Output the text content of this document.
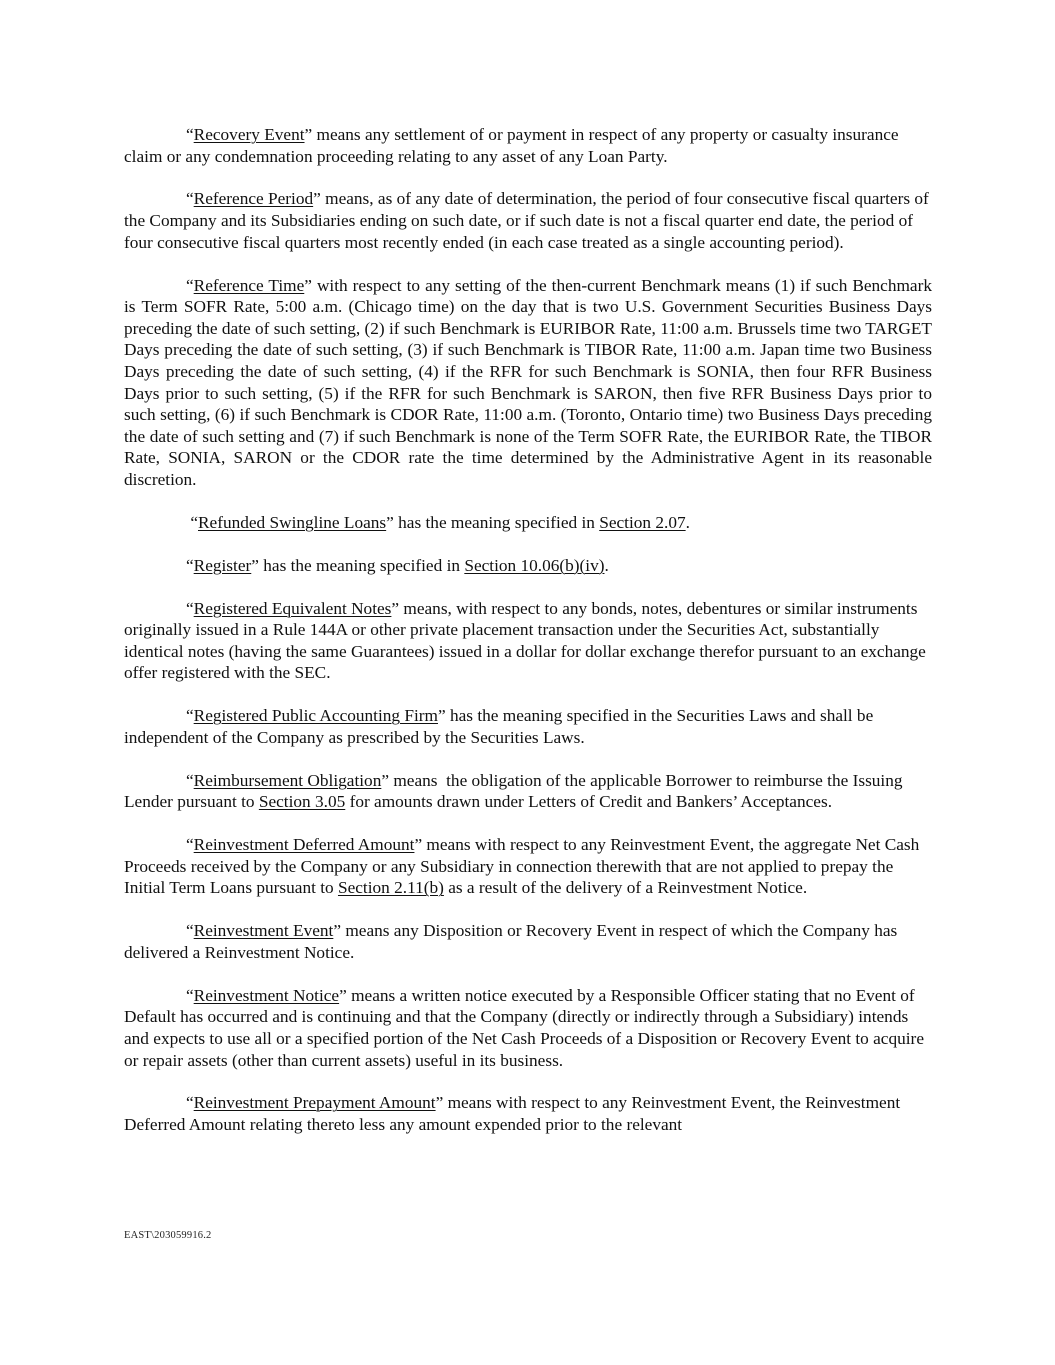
“Recovery Event” means any settlement of or payment in respect of any property or casualty insurance claim or any condemnation proceeding relating to any asset of any Loan Party.

“Reference Period” means, as of any date of determination, the period of four consecutive fiscal quarters of the Company and its Subsidiaries ending on such date, or if such date is not a fiscal quarter end date, the period of four consecutive fiscal quarters most recently ended (in each case treated as a single accounting period).

“Reference Time” with respect to any setting of the then-current Benchmark means (1) if such Benchmark is Term SOFR Rate, 5:00 a.m. (Chicago time) on the day that is two U.S. Government Securities Business Days preceding the date of such setting, (2) if such Benchmark is EURIBOR Rate, 11:00 a.m. Brussels time two TARGET Days preceding the date of such setting, (3) if such Benchmark is TIBOR Rate, 11:00 a.m. Japan time two Business Days preceding the date of such setting, (4) if the RFR for such Benchmark is SONIA, then four RFR Business Days prior to such setting, (5) if the RFR for such Benchmark is SARON, then five RFR Business Days prior to such setting, (6) if such Benchmark is CDOR Rate, 11:00 a.m. (Toronto, Ontario time) two Business Days preceding the date of such setting and (7) if such Benchmark is none of the Term SOFR Rate, the EURIBOR Rate, the TIBOR Rate, SONIA, SARON or the CDOR rate the time determined by the Administrative Agent in its reasonable discretion.

“Refunded Swingline Loans” has the meaning specified in Section 2.07.

“Register” has the meaning specified in Section 10.06(b)(iv).

“Registered Equivalent Notes” means, with respect to any bonds, notes, debentures or similar instruments originally issued in a Rule 144A or other private placement transaction under the Securities Act, substantially identical notes (having the same Guarantees) issued in a dollar for dollar exchange therefor pursuant to an exchange offer registered with the SEC.

“Registered Public Accounting Firm” has the meaning specified in the Securities Laws and shall be independent of the Company as prescribed by the Securities Laws.

“Reimbursement Obligation” means  the obligation of the applicable Borrower to reimburse the Issuing Lender pursuant to Section 3.05 for amounts drawn under Letters of Credit and Bankers’ Acceptances.

“Reinvestment Deferred Amount” means with respect to any Reinvestment Event, the aggregate Net Cash Proceeds received by the Company or any Subsidiary in connection therewith that are not applied to prepay the Initial Term Loans pursuant to Section 2.11(b) as a result of the delivery of a Reinvestment Notice.

“Reinvestment Event” means any Disposition or Recovery Event in respect of which the Company has delivered a Reinvestment Notice.

“Reinvestment Notice” means a written notice executed by a Responsible Officer stating that no Event of Default has occurred and is continuing and that the Company (directly or indirectly through a Subsidiary) intends and expects to use all or a specified portion of the Net Cash Proceeds of a Disposition or Recovery Event to acquire or repair assets (other than current assets) useful in its business.

“Reinvestment Prepayment Amount” means with respect to any Reinvestment Event, the Reinvestment Deferred Amount relating thereto less any amount expended prior to the relevant

EAST\203059916.2
